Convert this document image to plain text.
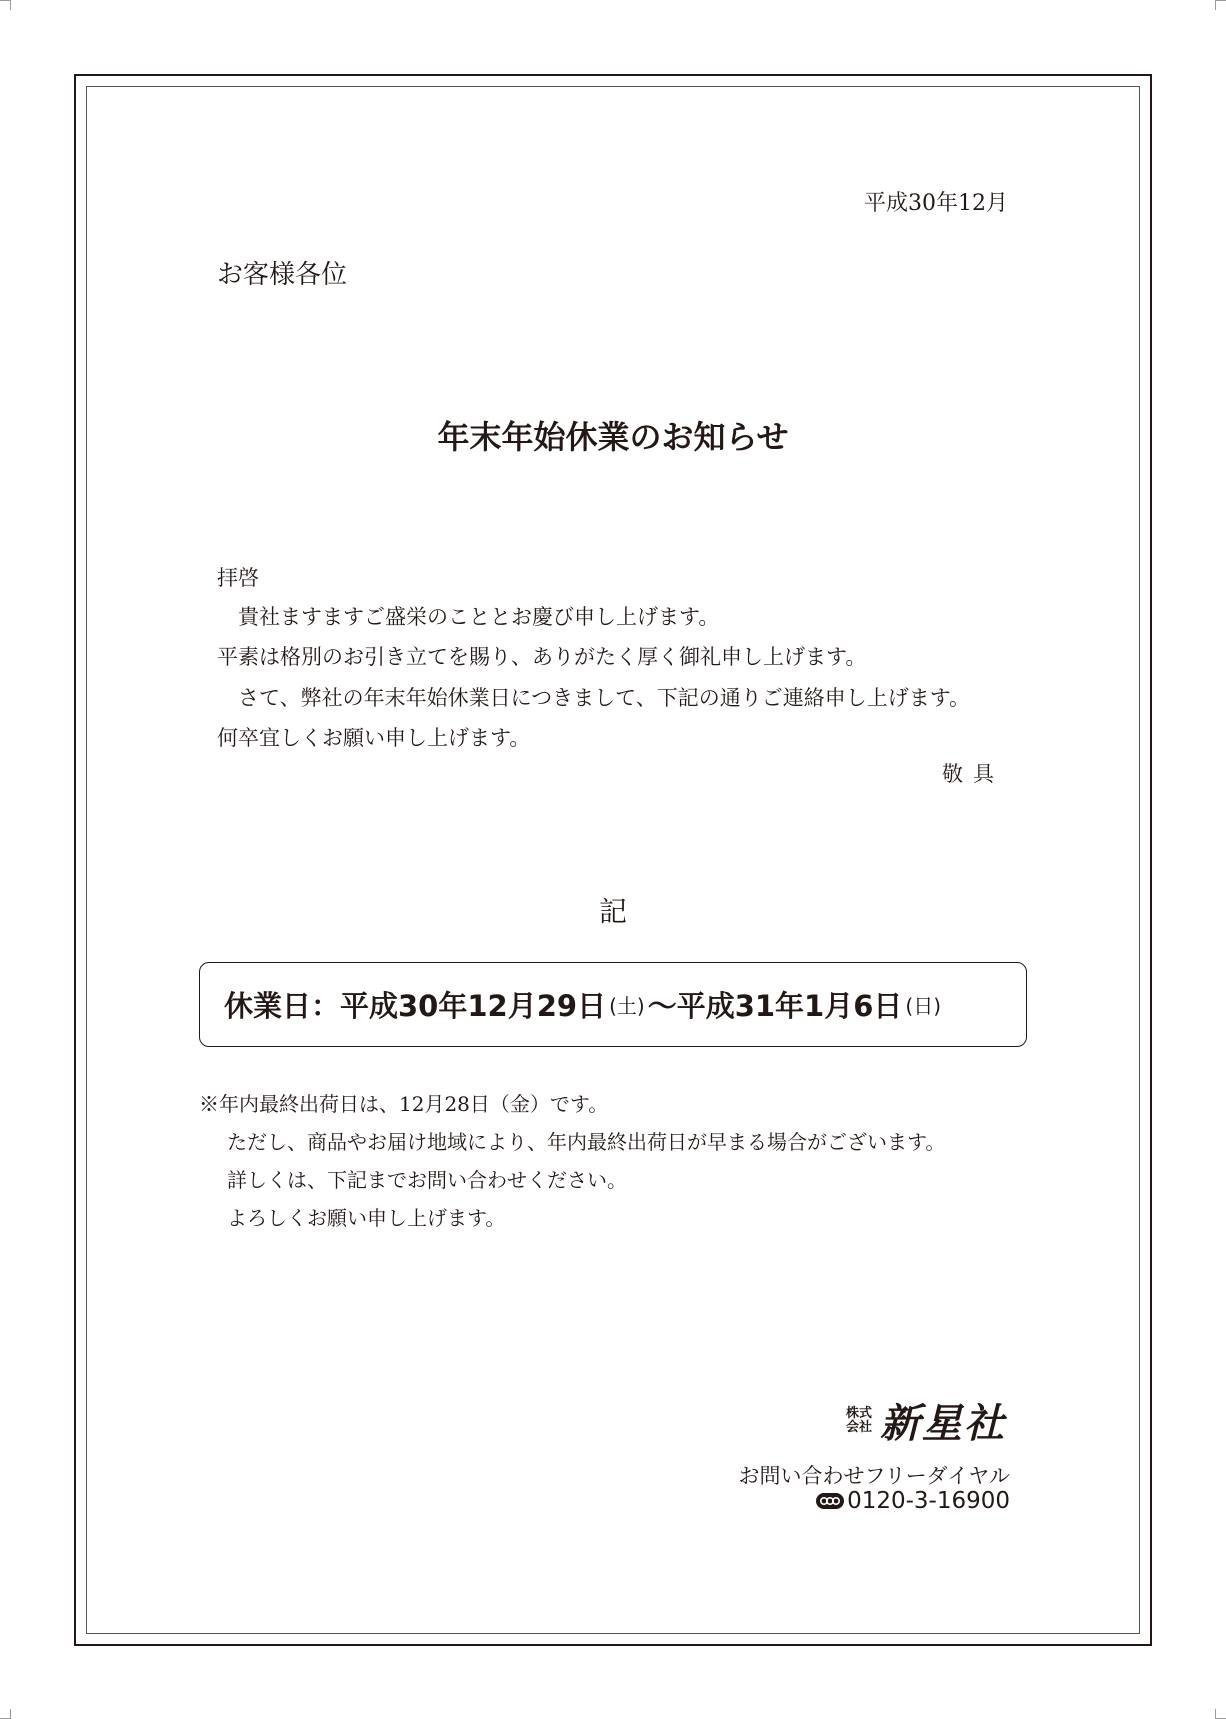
平成30年12月
お客様各位
年末年始休業のお知らせ
拝啓
　貴社ますますご盛栄のこととお慶び申し上げます。
平素は格別のお引き立てを賜り、ありがたく厚く御礼申し上げます。
　さて、弊社の年末年始休業日につきまして、下記の通りご連絡申し上げます。
何卒宜しくお願い申し上げます。
敬具
記
休業日：平成30年12月29日 (土) 〜平成31年1月6日 (日)
※年内最終出荷日は、12月28日（金）です。
　ただし、商品やお届け地域により、年内最終出荷日が早まる場合がございます。
　詳しくは、下記までお問い合わせください。
　よろしくお願い申し上げます。
株式
会社 新星社
お問い合わせフリーダイヤル
0120-3-16900
